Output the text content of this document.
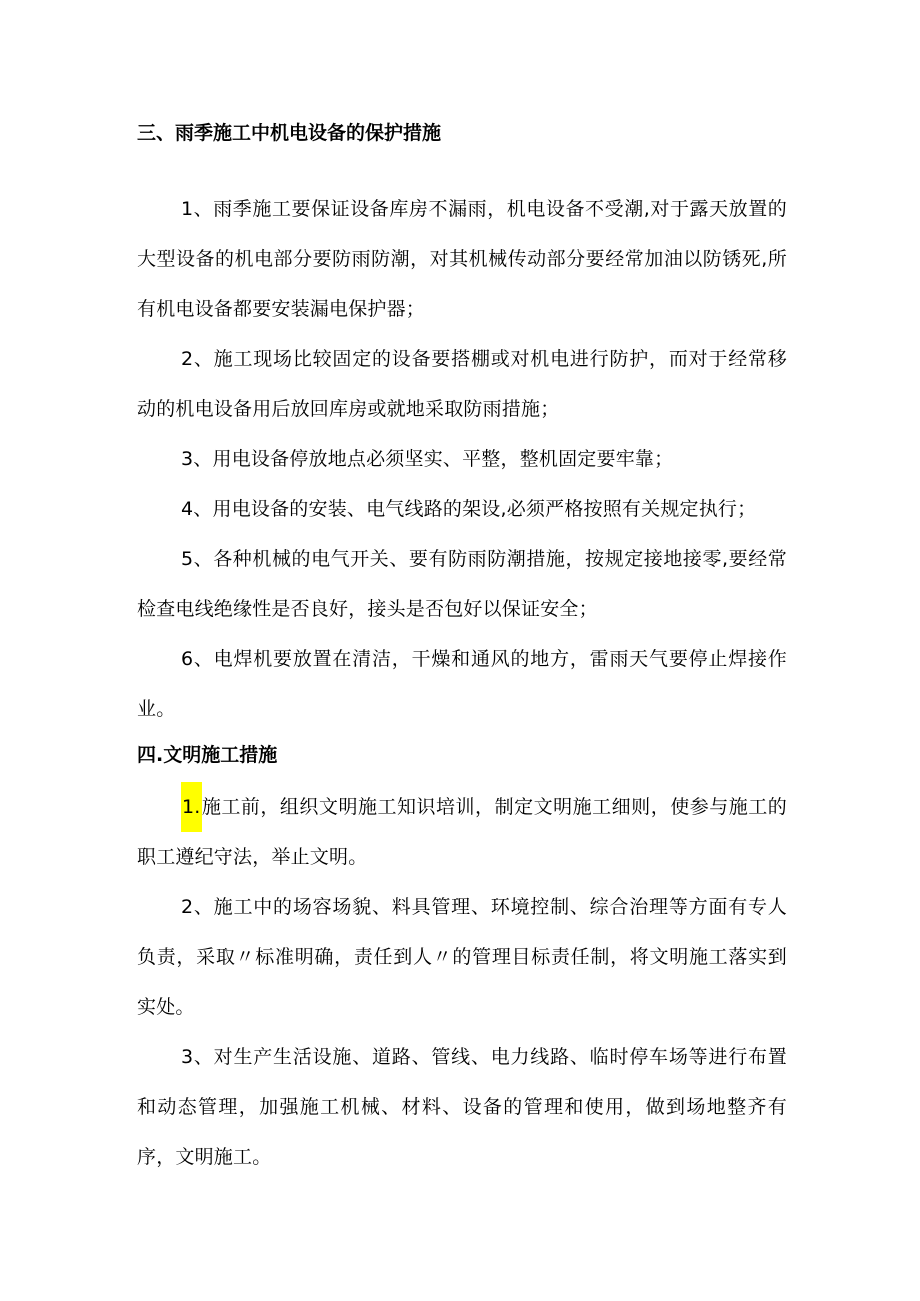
三、雨季施工中机电设备的保护措施

1、雨季施工要保证设备库房不漏雨，机电设备不受潮,对于露天放置的大型设备的机电部分要防雨防潮，对其机械传动部分要经常加油以防锈死,所有机电设备都要安装漏电保护器；

2、施工现场比较固定的设备要搭棚或对机电进行防护，而对于经常移动的机电设备用后放回库房或就地采取防雨措施；

3、用电设备停放地点必须坚实、平整，整机固定要牢靠；

4、用电设备的安装、电气线路的架设,必须严格按照有关规定执行；

5、各种机械的电气开关、要有防雨防潮措施，按规定接地接零,要经常检查电线绝缘性是否良好，接头是否包好以保证安全；

6、电焊机要放置在清洁，干燥和通风的地方，雷雨天气要停止焊接作业。

四.文明施工措施

1.施工前，组织文明施工知识培训，制定文明施工细则，使参与施工的职工遵纪守法，举止文明。

2、施工中的场容场貌、料具管理、环境控制、综合治理等方面有专人负责，采取〃标准明确，责任到人〃的管理目标责任制，将文明施工落实到实处。

3、对生产生活设施、道路、管线、电力线路、临时停车场等进行布置和动态管理，加强施工机械、材料、设备的管理和使用，做到场地整齐有序，文明施工。
